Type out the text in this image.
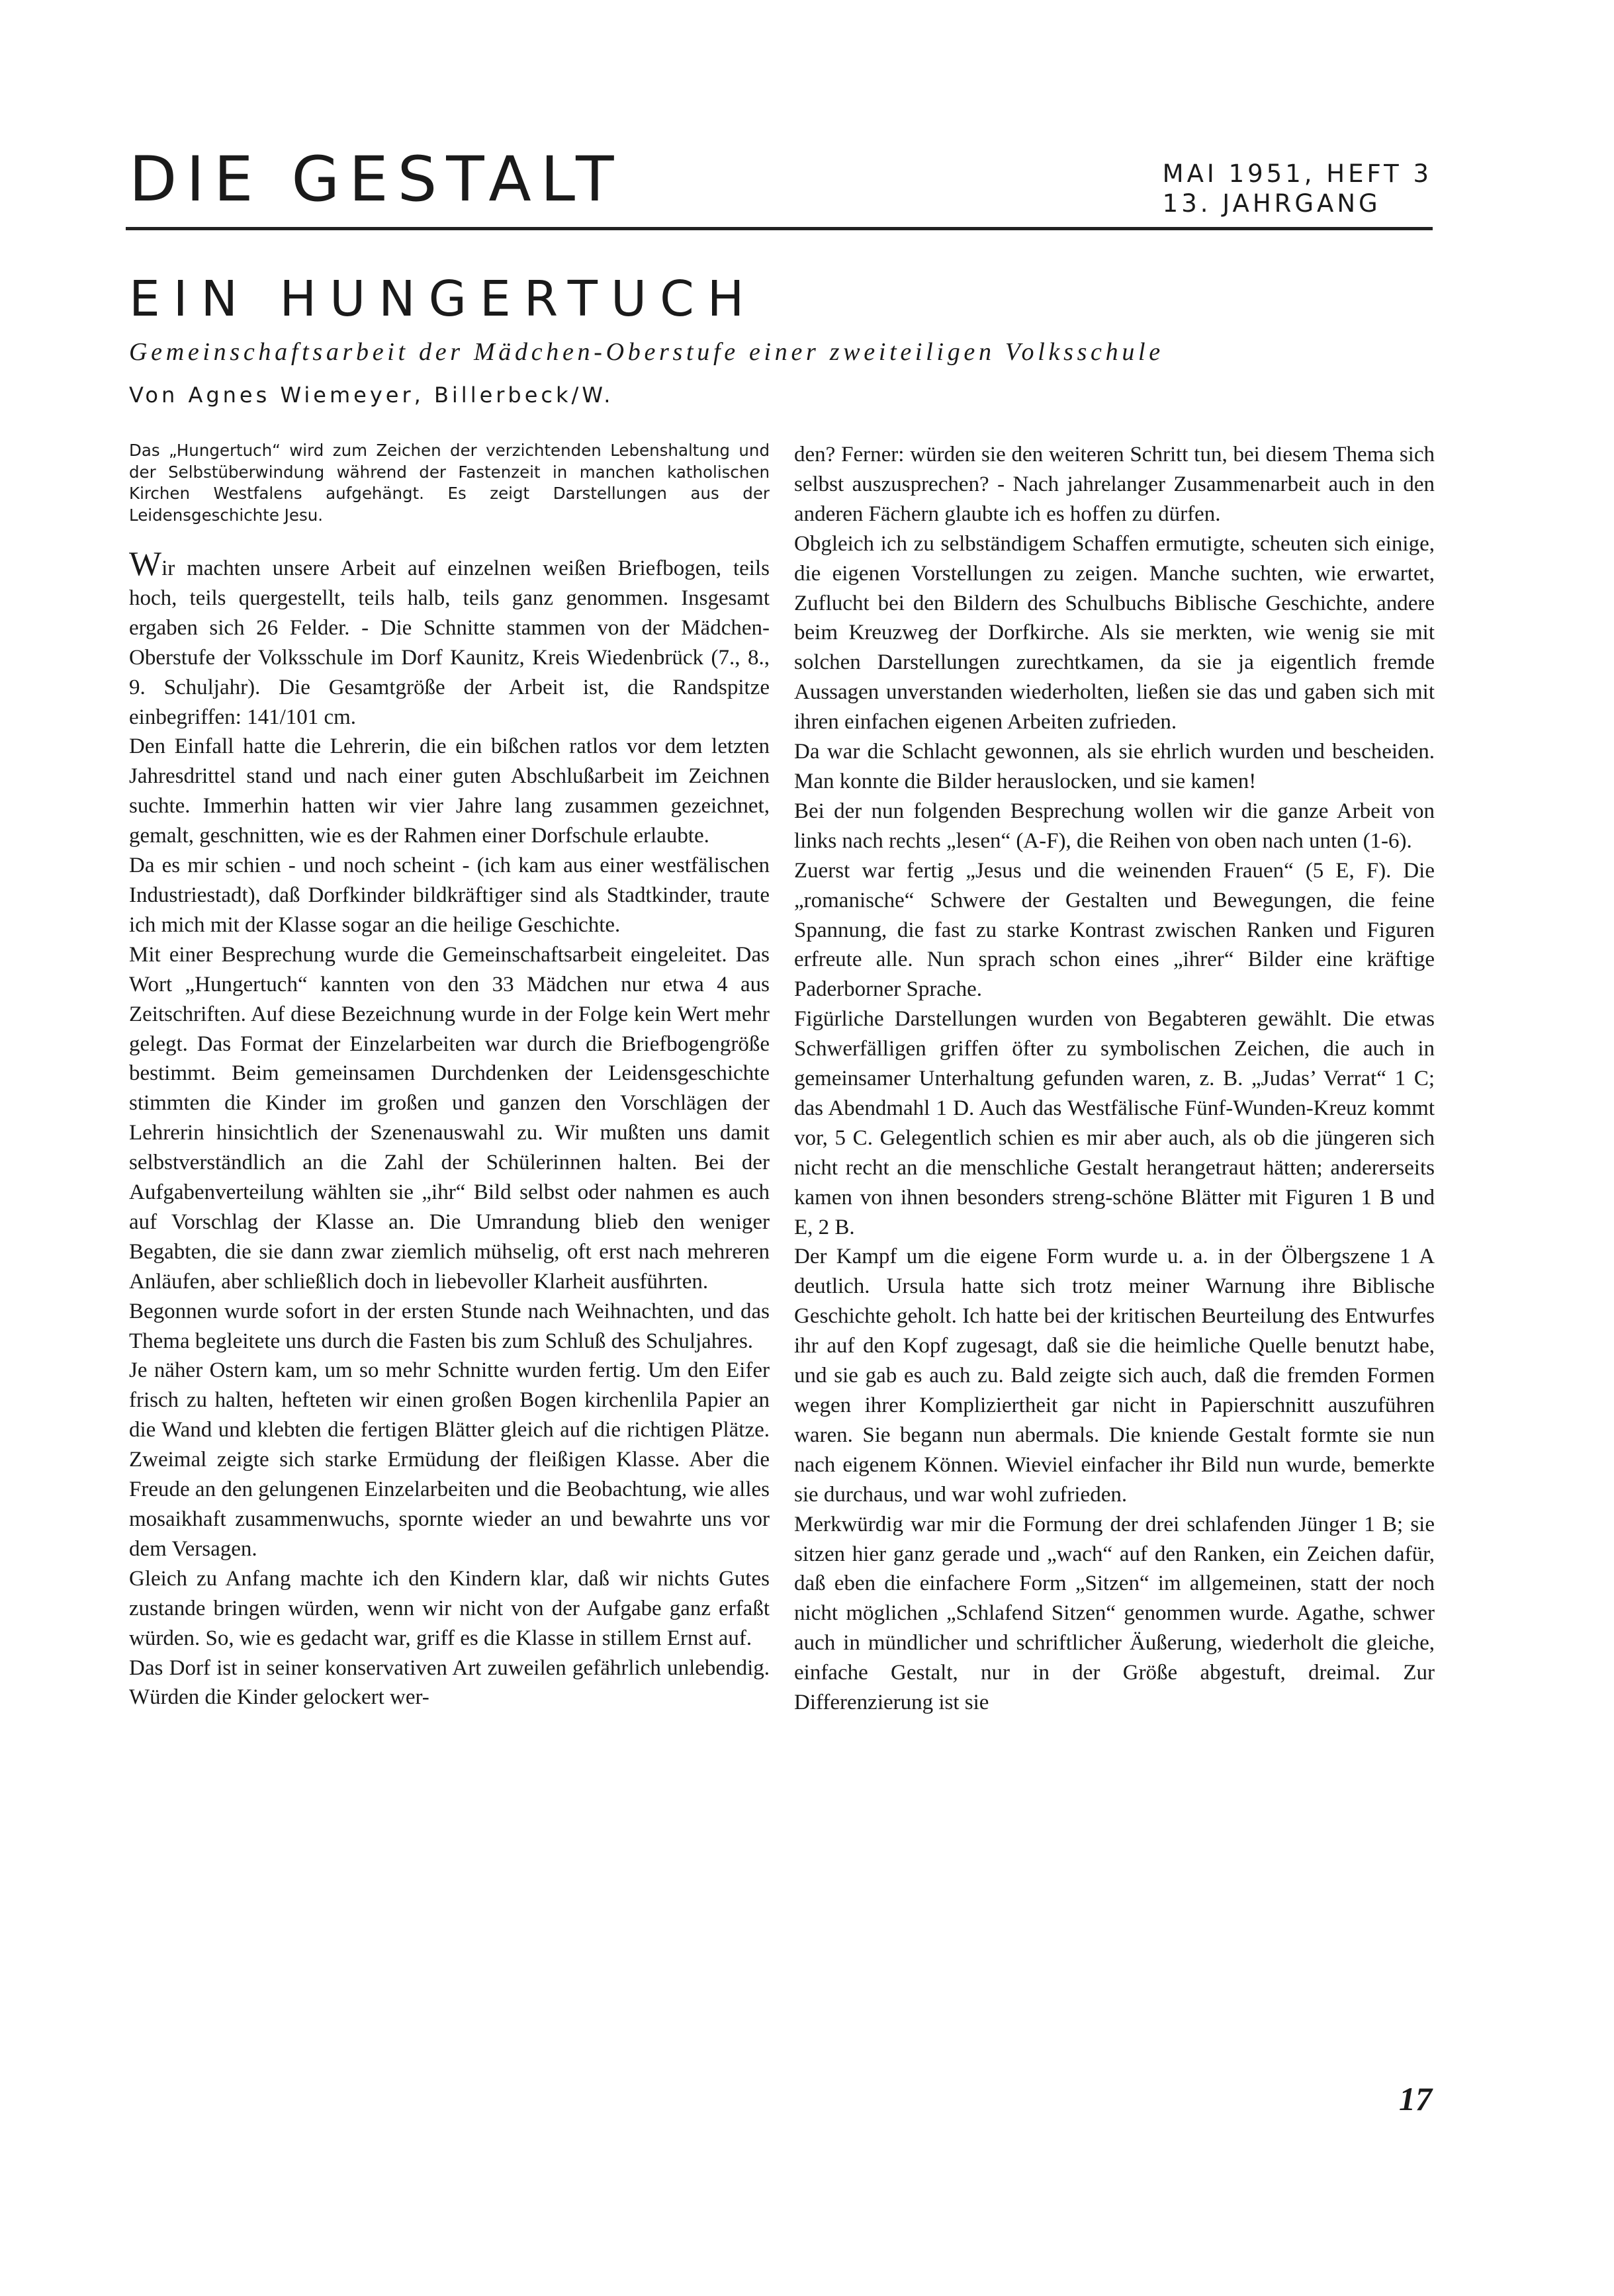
DIE GESTALT	MAI 1951, HEFT 3
13. JAHRGANG
EIN HUNGERTUCH

Gemeinschaftsarbeit der Mädchen-Oberstufe einer zweiteiligen Volksschule

Von Agnes Wiemeyer, Billerbeck/W.

Das „Hungertuch“ wird zum Zeichen der verzichtenden Lebenshaltung und der Selbstüberwindung während der Fastenzeit in manchen katholischen Kirchen Westfalens aufgehängt. Es zeigt Darstellungen aus der Leidensgeschichte Jesu.

Wir machten unsere Arbeit auf einzelnen weißen Briefbogen, teils hoch, teils quergestellt, teils halb, teils ganz genommen. Insgesamt ergaben sich 26 Felder. - Die Schnitte stammen von der Mädchen-Oberstufe der Volksschule im Dorf Kaunitz, Kreis Wiedenbrück (7., 8., 9. Schuljahr). Die Gesamtgröße der Arbeit ist, die Randspitze einbegriffen: 141/101 cm.

Den Einfall hatte die Lehrerin, die ein bißchen ratlos vor dem letzten Jahresdrittel stand und nach einer guten Abschlußarbeit im Zeichnen suchte. Immerhin hatten wir vier Jahre lang zusammen gezeichnet, gemalt, geschnitten, wie es der Rahmen einer Dorfschule erlaubte.

Da es mir schien - und noch scheint - (ich kam aus einer westfälischen Industriestadt), daß Dorfkinder bildkräftiger sind als Stadtkinder, traute ich mich mit der Klasse sogar an die heilige Geschichte.

Mit einer Besprechung wurde die Gemeinschaftsarbeit eingeleitet. Das Wort „Hungertuch“ kannten von den 33 Mädchen nur etwa 4 aus Zeitschriften. Auf diese Bezeichnung wurde in der Folge kein Wert mehr gelegt. Das Format der Einzelarbeiten war durch die Briefbogengröße bestimmt. Beim gemeinsamen Durchdenken der Leidensgeschichte stimmten die Kinder im großen und ganzen den Vorschlägen der Lehrerin hinsichtlich der Szenenauswahl zu. Wir mußten uns damit selbstverständlich an die Zahl der Schülerinnen halten. Bei der Aufgabenverteilung wählten sie „ihr“ Bild selbst oder nahmen es auch auf Vorschlag der Klasse an. Die Umrandung blieb den weniger Begabten, die sie dann zwar ziemlich mühselig, oft erst nach mehreren Anläufen, aber schließlich doch in liebevoller Klarheit ausführten.

Begonnen wurde sofort in der ersten Stunde nach Weihnachten, und das Thema begleitete uns durch die Fasten bis zum Schluß des Schuljahres.

Je näher Ostern kam, um so mehr Schnitte wurden fertig. Um den Eifer frisch zu halten, hefteten wir einen großen Bogen kirchenlila Papier an die Wand und klebten die fertigen Blätter gleich auf die richtigen Plätze. Zweimal zeigte sich starke Ermüdung der fleißigen Klasse. Aber die Freude an den gelungenen Einzelarbeiten und die Beobachtung, wie alles mosaikhaft zusammenwuchs, spornte wieder an und bewahrte uns vor dem Versagen.

Gleich zu Anfang machte ich den Kindern klar, daß wir nichts Gutes zustande bringen würden, wenn wir nicht von der Aufgabe ganz erfaßt würden. So, wie es gedacht war, griff es die Klasse in stillem Ernst auf.

Das Dorf ist in seiner konservativen Art zuweilen gefährlich unlebendig. Würden die Kinder gelockert wer-

den? Ferner: würden sie den weiteren Schritt tun, bei diesem Thema sich selbst auszusprechen? - Nach jahrelanger Zusammenarbeit auch in den anderen Fächern glaubte ich es hoffen zu dürfen.

Obgleich ich zu selbständigem Schaffen ermutigte, scheuten sich einige, die eigenen Vorstellungen zu zeigen. Manche suchten, wie erwartet, Zuflucht bei den Bildern des Schulbuchs Biblische Geschichte, andere beim Kreuzweg der Dorfkirche. Als sie merkten, wie wenig sie mit solchen Darstellungen zurechtkamen, da sie ja eigentlich fremde Aussagen unverstanden wiederholten, ließen sie das und gaben sich mit ihren einfachen eigenen Arbeiten zufrieden.

Da war die Schlacht gewonnen, als sie ehrlich wurden und bescheiden. Man konnte die Bilder herauslocken, und sie kamen!

Bei der nun folgenden Besprechung wollen wir die ganze Arbeit von links nach rechts „lesen“ (A-F), die Reihen von oben nach unten (1-6).

Zuerst war fertig „Jesus und die weinenden Frauen“ (5 E, F). Die „romanische“ Schwere der Gestalten und Bewegungen, die feine Spannung, die fast zu starke Kontrast zwischen Ranken und Figuren erfreute alle. Nun sprach schon eines „ihrer“ Bilder eine kräftige Paderborner Sprache.

Figürliche Darstellungen wurden von Begabteren gewählt. Die etwas Schwerfälligen griffen öfter zu symbolischen Zeichen, die auch in gemeinsamer Unterhaltung gefunden waren, z. B. „Judas’ Verrat“ 1 C; das Abendmahl 1 D. Auch das Westfälische Fünf-Wunden-Kreuz kommt vor, 5 C. Gelegentlich schien es mir aber auch, als ob die jüngeren sich nicht recht an die menschliche Gestalt herangetraut hätten; andererseits kamen von ihnen besonders streng-schöne Blätter mit Figuren 1 B und E, 2 B.

Der Kampf um die eigene Form wurde u. a. in der Ölbergszene 1 A deutlich. Ursula hatte sich trotz meiner Warnung ihre Biblische Geschichte geholt. Ich hatte bei der kritischen Beurteilung des Entwurfes ihr auf den Kopf zugesagt, daß sie die heimliche Quelle benutzt habe, und sie gab es auch zu. Bald zeigte sich auch, daß die fremden Formen wegen ihrer Kompliziertheit gar nicht in Papierschnitt auszuführen waren. Sie begann nun abermals. Die kniende Gestalt formte sie nun nach eigenem Können. Wieviel einfacher ihr Bild nun wurde, bemerkte sie durchaus, und war wohl zufrieden.

Merkwürdig war mir die Formung der drei schlafenden Jünger 1 B; sie sitzen hier ganz gerade und „wach“ auf den Ranken, ein Zeichen dafür, daß eben die einfachere Form „Sitzen“ im allgemeinen, statt der noch nicht möglichen „Schlafend Sitzen“ genommen wurde. Agathe, schwer auch in mündlicher und schriftlicher Äußerung, wiederholt die gleiche, einfache Gestalt, nur in der Größe abgestuft, dreimal. Zur Differenzierung ist sie

17
